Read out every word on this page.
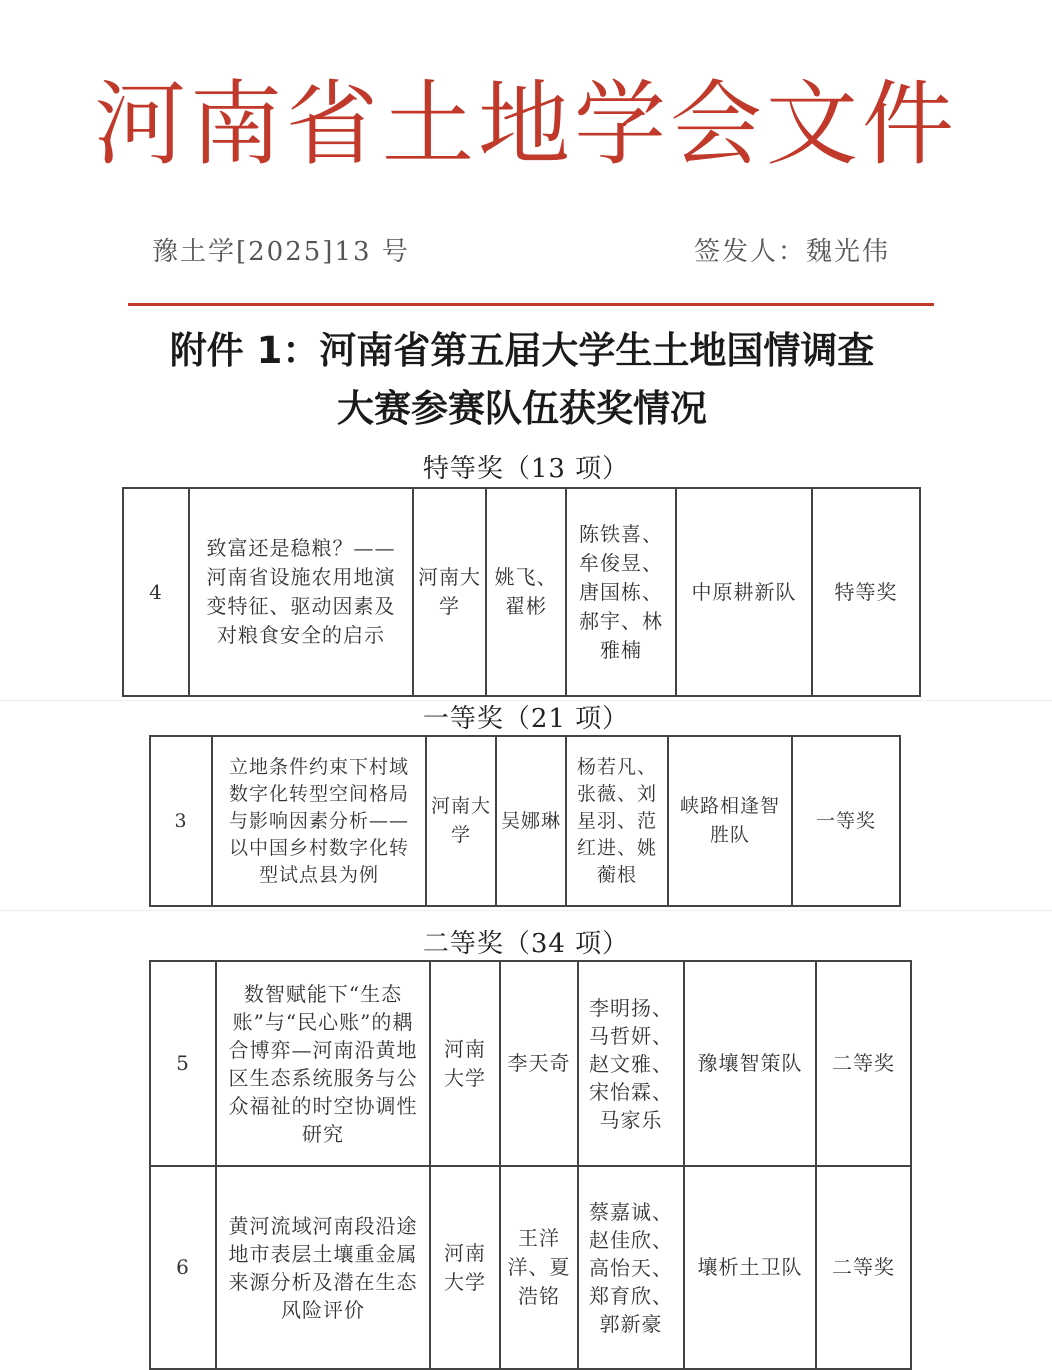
河南省土地学会文件
豫土学[2025]13 号	签发人：魏光伟
附件 1：河南省第五届大学生土地国情调查
大赛参赛队伍获奖情况
特等奖（13 项）
4	致富还是稳粮？——河南省设施农用地演变特征、驱动因素及对粮食安全的启示	河南大学	姚飞、翟彬	陈铁喜、牟俊昱、唐国栋、郝宇、林雅楠	中原耕新队	特等奖
一等奖（21 项）
3	立地条件约束下村域数字化转型空间格局与影响因素分析——以中国乡村数字化转型试点县为例	河南大学	吴娜琳	杨若凡、张薇、刘星羽、范红进、姚蘅根	峡路相逢智胜队	一等奖
二等奖（34 项）
5	数智赋能下“生态账”与“民心账”的耦合博弈—河南沿黄地区生态系统服务与公众福祉的时空协调性研究	河南大学	李天奇	李明扬、马哲妍、赵文雅、宋怡霖、马家乐	豫壤智策队	二等奖
6	黄河流域河南段沿途地市表层土壤重金属来源分析及潜在生态风险评价	河南大学	王洋洋、夏浩铭	蔡嘉诚、赵佳欣、高怡天、郑育欣、郭新豪	壤析土卫队	二等奖
